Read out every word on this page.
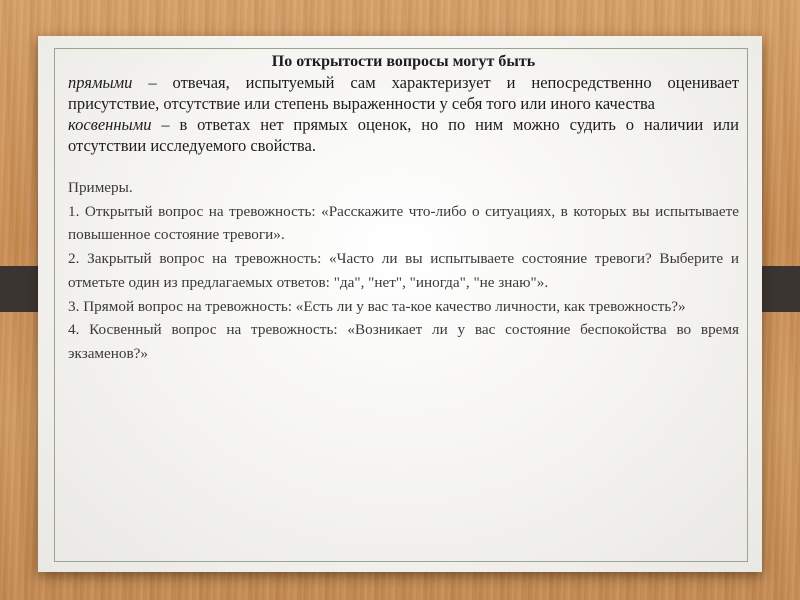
По открытости вопросы могут быть

прямыми – отвечая, испытуемый сам характеризует и непосредственно оценивает присутствие, отсутствие или степень выраженности у себя того или иного качества

косвенными – в ответах нет прямых оценок, но по ним можно судить о наличии или отсутствии исследуемого свойства.

Примеры.

1. Открытый вопрос на тревожность: «Расскажите что-либо о ситуациях, в которых вы испытываете повышенное состояние тревоги».

2. Закрытый вопрос на тревожность: «Часто ли вы испытываете состояние тревоги? Выберите и отметьте один из предлагаемых ответов: "да", "нет", "иногда", "не знаю"».

3. Прямой вопрос на тревожность: «Есть ли у вас та-кое качество личности, как тревожность?»

4. Косвенный вопрос на тревожность: «Возникает ли у вас состояние беспокойства во время экзаменов?»
